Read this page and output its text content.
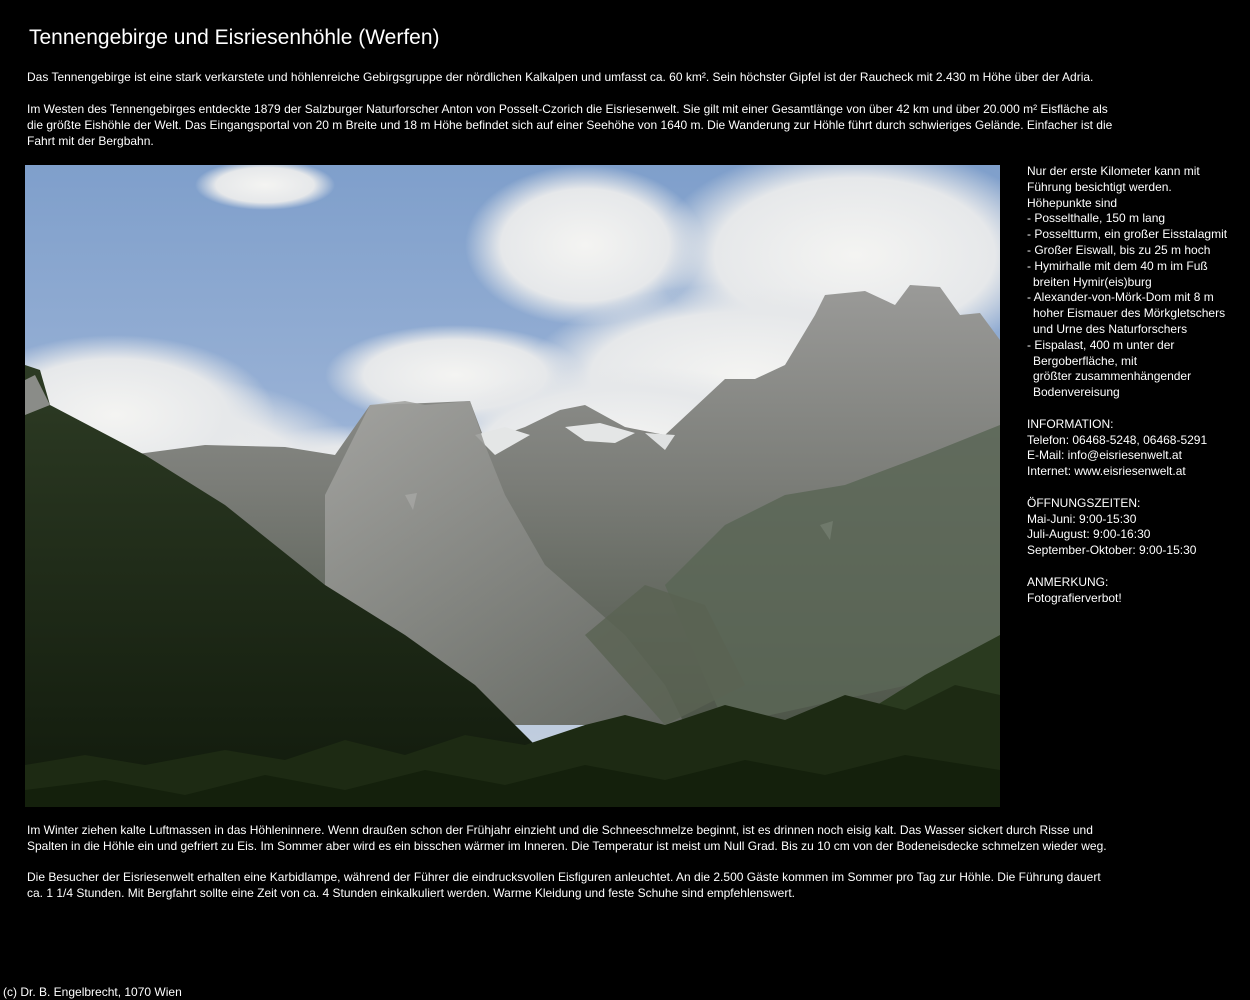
Tennengebirge und Eisriesenhöhle (Werfen)
Das Tennengebirge ist eine stark verkarstete und höhlenreiche Gebirgsgruppe der nördlichen Kalkalpen und umfasst ca. 60 km². Sein höchster Gipfel ist der Raucheck mit 2.430 m Höhe über der Adria.
Im Westen des Tennengebirges entdeckte 1879 der Salzburger Naturforscher Anton von Posselt-Czorich die Eisriesenwelt. Sie gilt mit einer Gesamtlänge von über 42 km und über 20.000 m² Eisfläche als die größte Eishöhle der Welt. Das Eingangsportal von 20 m Breite und 18 m Höhe befindet sich auf einer Seehöhe von 1640 m. Die Wanderung zur Höhle führt durch schwieriges Gelände. Einfacher ist die Fahrt mit der Bergbahn.
Nur der erste Kilometer kann mit
Führung besichtigt werden.
Höhepunkte sind
- Posselthalle, 150 m lang
- Posseltturm, ein großer Eisstalagmit
- Großer Eiswall, bis zu 25 m hoch
- Hymirhalle mit dem 40 m im Fuß
breiten Hymir(eis)burg
- Alexander-von-Mörk-Dom mit 8 m
hoher Eismauer des Mörkgletschers
und Urne des Naturforschers
- Eispalast, 400 m unter der
Bergoberfläche, mit
größter zusammenhängender
Bodenvereisung
INFORMATION:
Telefon: 06468-5248, 06468-5291
E-Mail: info@eisriesenwelt.at
Internet: www.eisriesenwelt.at
ÖFFNUNGSZEITEN:
Mai-Juni: 9:00-15:30
Juli-August: 9:00-16:30
September-Oktober: 9:00-15:30
ANMERKUNG:
Fotografierverbot!
Im Winter ziehen kalte Luftmassen in das Höhleninnere. Wenn draußen schon der Frühjahr einzieht und die Schneeschmelze beginnt, ist es drinnen noch eisig kalt. Das Wasser sickert durch Risse und Spalten in die Höhle ein und gefriert zu Eis. Im Sommer aber wird es ein bisschen wärmer im Inneren. Die Temperatur ist meist um Null Grad. Bis zu 10 cm von der Bodeneisdecke schmelzen wieder weg.
Die Besucher der Eisriesenwelt erhalten eine Karbidlampe, während der Führer die eindrucksvollen Eisfiguren anleuchtet. An die 2.500 Gäste kommen im Sommer pro Tag zur Höhle. Die Führung dauert ca. 1 1/4 Stunden. Mit Bergfahrt sollte eine Zeit von ca. 4 Stunden einkalkuliert werden. Warme Kleidung und feste Schuhe sind empfehlenswert.
(c) Dr. B. Engelbrecht, 1070 Wien
